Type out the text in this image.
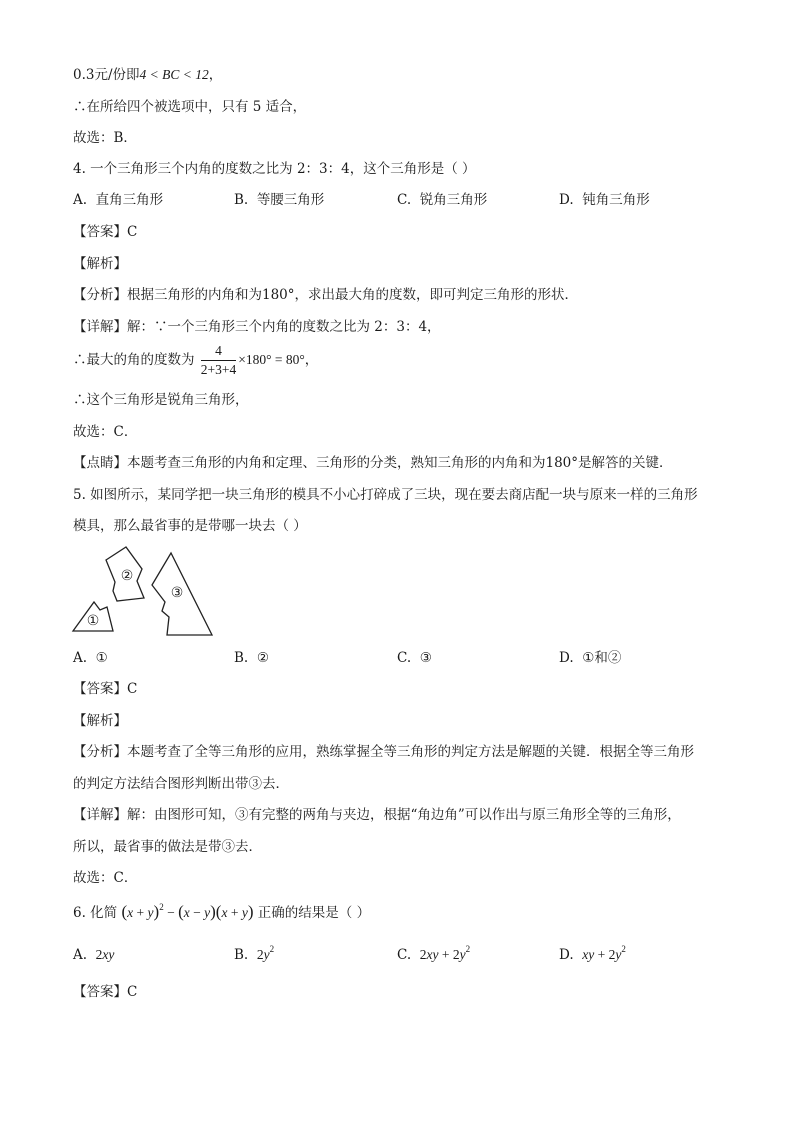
0.3元/份即4 < BC < 12，
∴在所给四个被选项中，只有 5 适合，
故选：B．
4. 一个三角形三个内角的度数之比为 2：3：4，这个三角形是（ ）
A. 直角三角形	B. 等腰三角形	C. 锐角三角形	D. 钝角三角形
【答案】C
【解析】
【分析】根据三角形的内角和为180°，求出最大角的度数，即可判定三角形的形状．
【详解】解：∵一个三角形三个内角的度数之比为 2：3：4，
∴最大的角的度数为 $\frac{4}{2+3+4} \times 180^\circ = 80^\circ$，
∴这个三角形是锐角三角形，
故选：C．
【点睛】本题考查三角形的内角和定理、三角形的分类，熟知三角形的内角和为180°是解答的关键．
5. 如图所示，某同学把一块三角形的模具不小心打碎成了三块，现在要去商店配一块与原来一样的三角形
模具，那么最省事的是带哪一块去（ ）
①
②
③
A. ①	B. ②	C. ③	D. ①和②
【答案】C
【解析】
【分析】本题考查了全等三角形的应用，熟练掌握全等三角形的判定方法是解题的关键．根据全等三角形
的判定方法结合图形判断出带③去．
【详解】解：由图形可知，③有完整的两角与夹边，根据“角边角”可以作出与原三角形全等的三角形，
所以，最省事的做法是带③去．
故选：C．
6. 化简 $(x + y)^2 - (x - y)(x + y)$ 正确的结果是（ ）
A. 2xy	B. $2y^2$	C. $2xy + 2y^2$	D. xy + $2y^2$
【答案】C
